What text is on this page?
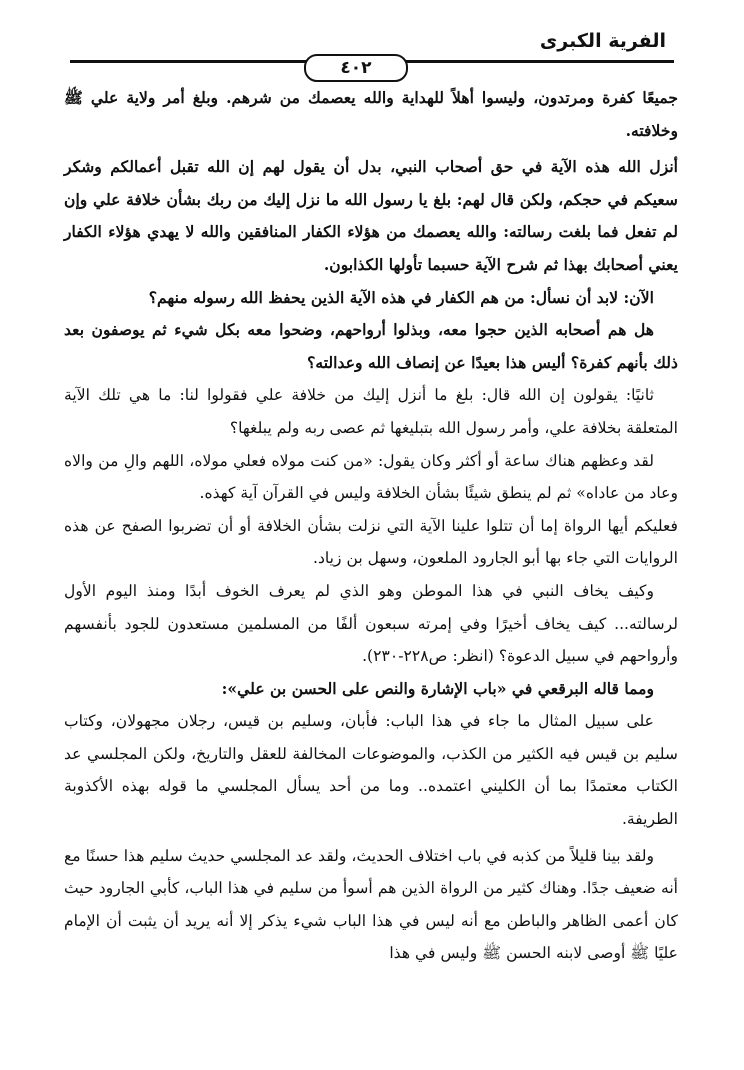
الفرية الكبرى
٤٠٢

جميعًا كفرة ومرتدون، وليسوا أهلاً للهداية والله يعصمك من شرهم. وبلغ أمر ولاية علي ﷺ وخلافته.

أنزل الله هذه الآية في حق أصحاب النبي، بدل أن يقول لهم إن الله تقبل أعمالكم وشكر سعيكم في حجكم، ولكن قال لهم: بلغ يا رسول الله ما نزل إليك من ربك بشأن خلافة علي وإن لم تفعل فما بلغت رسالته: والله يعصمك من هؤلاء الكفار المنافقين والله لا يهدي هؤلاء الكفار يعني أصحابك بهذا ثم شرح الآية حسبما تأولها الكذابون.

الآن: لابد أن نسأل: من هم الكفار في هذه الآية الذين يحفظ الله رسوله منهم؟

هل هم أصحابه الذين حجوا معه، وبذلوا أرواحهم، وضحوا معه بكل شيء ثم يوصفون بعد ذلك بأنهم كفرة؟ أليس هذا بعيدًا عن إنصاف الله وعدالته؟

ثانيًا: يقولون إن الله قال: بلغ ما أنزل إليك من خلافة علي فقولوا لنا: ما هي تلك الآية المتعلقة بخلافة علي، وأمر رسول الله بتبليغها ثم عصى ربه ولم يبلغها؟

لقد وعظهم هناك ساعة أو أكثر وكان يقول: «من كنت مولاه فعلي مولاه، اللهم والِ من والاه وعاد من عاداه» ثم لم ينطق شيئًا بشأن الخلافة وليس في القرآن آية كهذه.

فعليكم أيها الرواة إما أن تتلوا علينا الآية التي نزلت بشأن الخلافة أو أن تضربوا الصفح عن هذه الروايات التي جاء بها أبو الجارود الملعون، وسهل بن زياد.

وكيف يخاف النبي في هذا الموطن وهو الذي لم يعرف الخوف أبدًا ومنذ اليوم الأول لرسالته... كيف يخاف أخيرًا وفي إمرته سبعون ألفًا من المسلمين مستعدون للجود بأنفسهم وأرواحهم في سبيل الدعوة؟ (انظر: ص٢٢٨-٢٣٠).

ومما قاله البرقعي في «باب الإشارة والنص على الحسن بن علي»:

على سبيل المثال ما جاء في هذا الباب: فأبان، وسليم بن قيس، رجلان مجهولان، وكتاب سليم بن قيس فيه الكثير من الكذب، والموضوعات المخالفة للعقل والتاريخ، ولكن المجلسي عد الكتاب معتمدًا بما أن الكليني اعتمده.. وما من أحد يسأل المجلسي ما قوله بهذه الأكذوبة الطريفة.

ولقد بينا قليلاً من كذبه في باب اختلاف الحديث، ولقد عد المجلسي حديث سليم هذا حسنًا مع أنه ضعيف جدًا. وهناك كثير من الرواة الذين هم أسوأ من سليم في هذا الباب، كأبي الجارود حيث كان أعمى الظاهر والباطن مع أنه ليس في هذا الباب شيء يذكر إلا أنه يريد أن يثبت أن الإمام عليًا ﷺ أوصى لابنه الحسن ﷺ وليس في هذا
